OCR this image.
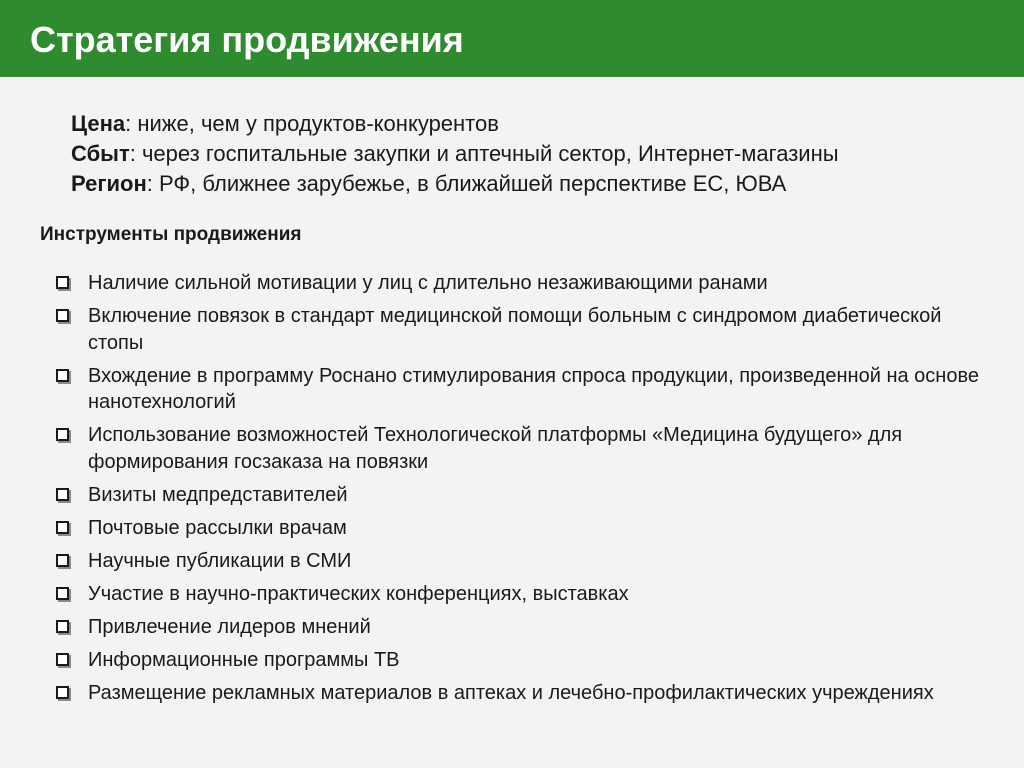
Стратегия продвижения
Цена: ниже, чем у продуктов-конкурентов
Сбыт: через госпитальные закупки и аптечный сектор, Интернет-магазины
Регион: РФ, ближнее зарубежье, в ближайшей перспективе ЕС, ЮВА
Инструменты продвижения
Наличие сильной мотивации у лиц с длительно незаживающими ранами
Включение повязок в стандарт медицинской помощи больным с синдромом диабетической стопы
Вхождение в программу Роснано стимулирования спроса продукции, произведенной на основе нанотехнологий
Использование возможностей Технологической платформы «Медицина будущего» для формирования госзаказа на повязки
Визиты медпредставителей
Почтовые рассылки врачам
Научные публикации в СМИ
Участие в научно-практических конференциях, выставках
Привлечение лидеров мнений
Информационные программы ТВ
Размещение рекламных материалов в аптеках и лечебно-профилактических учреждениях
